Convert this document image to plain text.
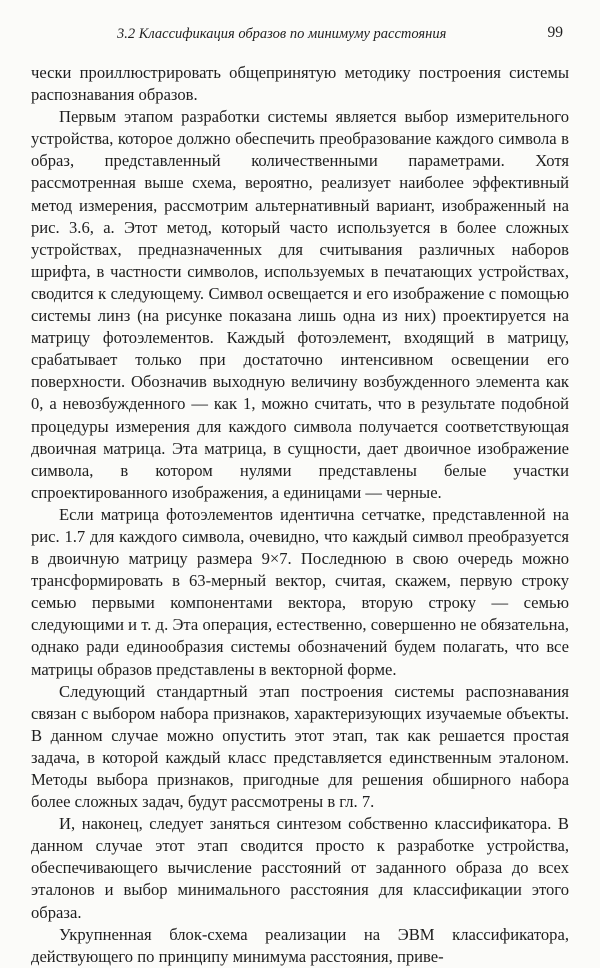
3.2 Классификация образов по минимуму расстояния	99

чески проиллюстрировать общепринятую методику построения системы распознавания образов.

Первым этапом разработки системы является выбор измерительного устройства, которое должно обеспечить преобразование каждого символа в образ, представленный количественными параметрами. Хотя рассмотренная выше схема, вероятно, реализует наиболее эффективный метод измерения, рассмотрим альтернативный вариант, изображенный на рис. 3.6, а. Этот метод, который часто используется в более сложных устройствах, предназначенных для считывания различных наборов шрифта, в частности символов, используемых в печатающих устройствах, сводится к следующему. Символ освещается и его изображение с помощью системы линз (на рисунке показана лишь одна из них) проектируется на матрицу фотоэлементов. Каждый фотоэлемент, входящий в матрицу, срабатывает только при достаточно интенсивном освещении его поверхности. Обозначив выходную величину возбужденного элемента как 0, а невозбужденного — как 1, можно считать, что в результате подобной процедуры измерения для каждого символа получается соответствующая двоичная матрица. Эта матрица, в сущности, дает двоичное изображение символа, в котором нулями представлены белые участки спроектированного изображения, а единицами — черные.

Если матрица фотоэлементов идентична сетчатке, представленной на рис. 1.7 для каждого символа, очевидно, что каждый символ преобразуется в двоичную матрицу размера 9×7. Последнюю в свою очередь можно трансформировать в 63-мерный вектор, считая, скажем, первую строку семью первыми компонентами вектора, вторую строку — семью следующими и т. д. Эта операция, естественно, совершенно не обязательна, однако ради единообразия системы обозначений будем полагать, что все матрицы образов представлены в векторной форме.

Следующий стандартный этап построения системы распознавания связан с выбором набора признаков, характеризующих изучаемые объекты. В данном случае можно опустить этот этап, так как решается простая задача, в которой каждый класс представляется единственным эталоном. Методы выбора признаков, пригодные для решения обширного набора более сложных задач, будут рассмотрены в гл. 7.

И, наконец, следует заняться синтезом собственно классификатора. В данном случае этот этап сводится просто к разработке устройства, обеспечивающего вычисление расстояний от заданного образа до всех эталонов и выбор минимального расстояния для классификации этого образа.

Укрупненная блок-схема реализации на ЭВМ классификатора, действующего по принципу минимума расстояния, приве-
